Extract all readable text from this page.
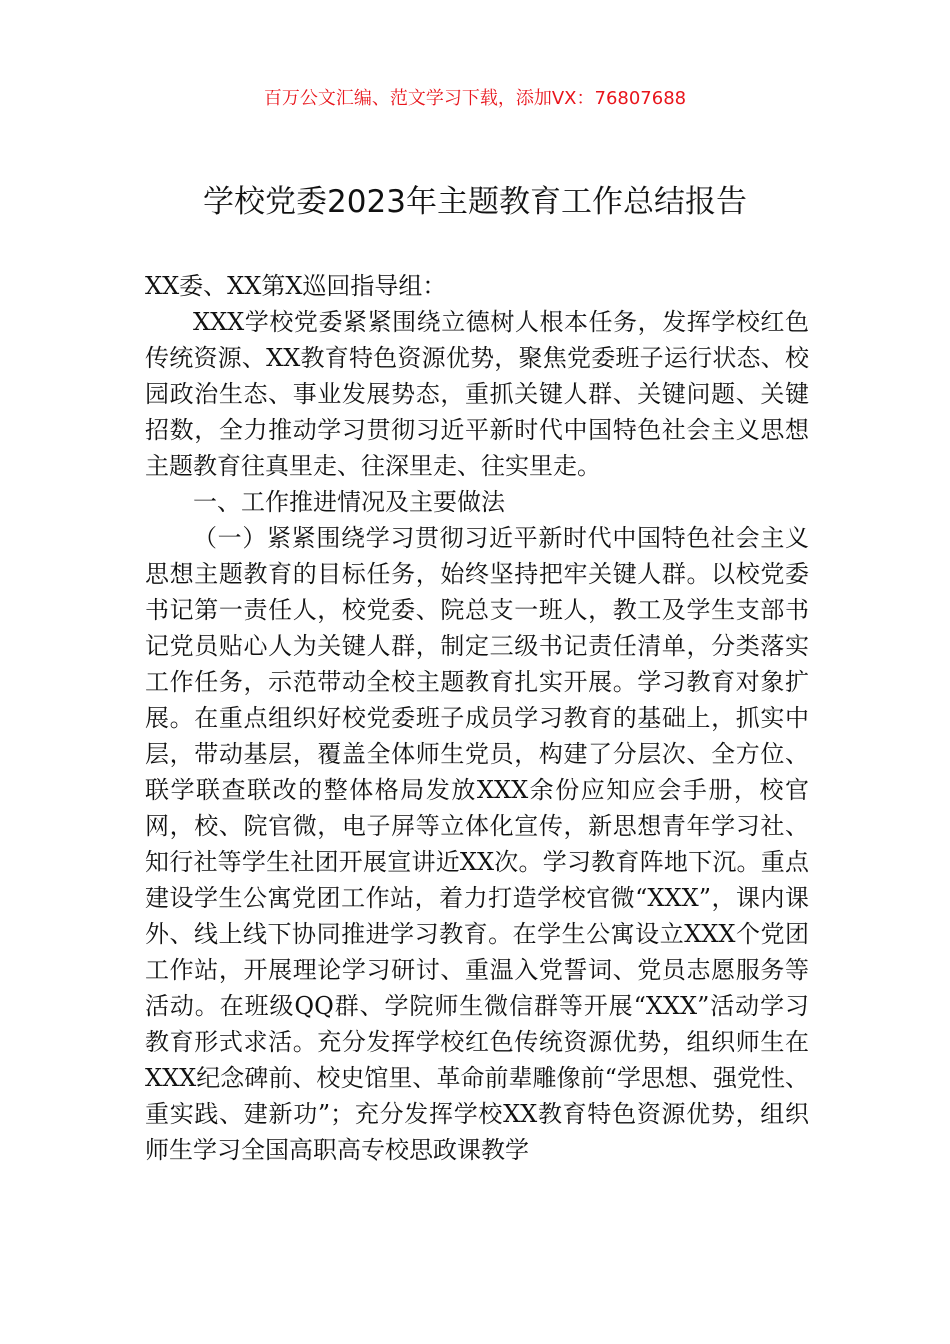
百万公文汇编、范文学习下载，添加VX：76807688
学校党委2023年主题教育工作总结报告

XX委、XX第X巡回指导组：

XXX学校党委紧紧围绕立德树人根本任务，发挥学校红色传统资源、XX教育特色资源优势，聚焦党委班子运行状态、校园政治生态、事业发展势态，重抓关键人群、关键问题、关键招数，全力推动学习贯彻习近平新时代中国特色社会主义思想主题教育往真里走、往深里走、往实里走。

一、工作推进情况及主要做法

（一）紧紧围绕学习贯彻习近平新时代中国特色社会主义思想主题教育的目标任务，始终坚持把牢关键人群。以校党委书记第一责任人，校党委、院总支一班人，教工及学生支部书记党员贴心人为关键人群，制定三级书记责任清单，分类落实工作任务，示范带动全校主题教育扎实开展。学习教育对象扩展。在重点组织好校党委班子成员学习教育的基础上，抓实中层，带动基层，覆盖全体师生党员，构建了分层次、全方位、联学联查联改的整体格局发放XXX余份应知应会手册，校官网，校、院官微，电子屏等立体化宣传，新思想青年学习社、知行社等学生社团开展宣讲近XX次。学习教育阵地下沉。重点建设学生公寓党团工作站，着力打造学校官微“XXX”，课内课外、线上线下协同推进学习教育。在学生公寓设立XXX个党团工作站，开展理论学习研讨、重温入党誓词、党员志愿服务等活动。在班级QQ群、学院师生微信群等开展“XXX”活动学习教育形式求活。充分发挥学校红色传统资源优势，组织师生在XXX纪念碑前、校史馆里、革命前辈雕像前“学思想、强党性、重实践、建新功”；充分发挥学校XX教育特色资源优势，组织师生学习全国高职高专校思政课教学
